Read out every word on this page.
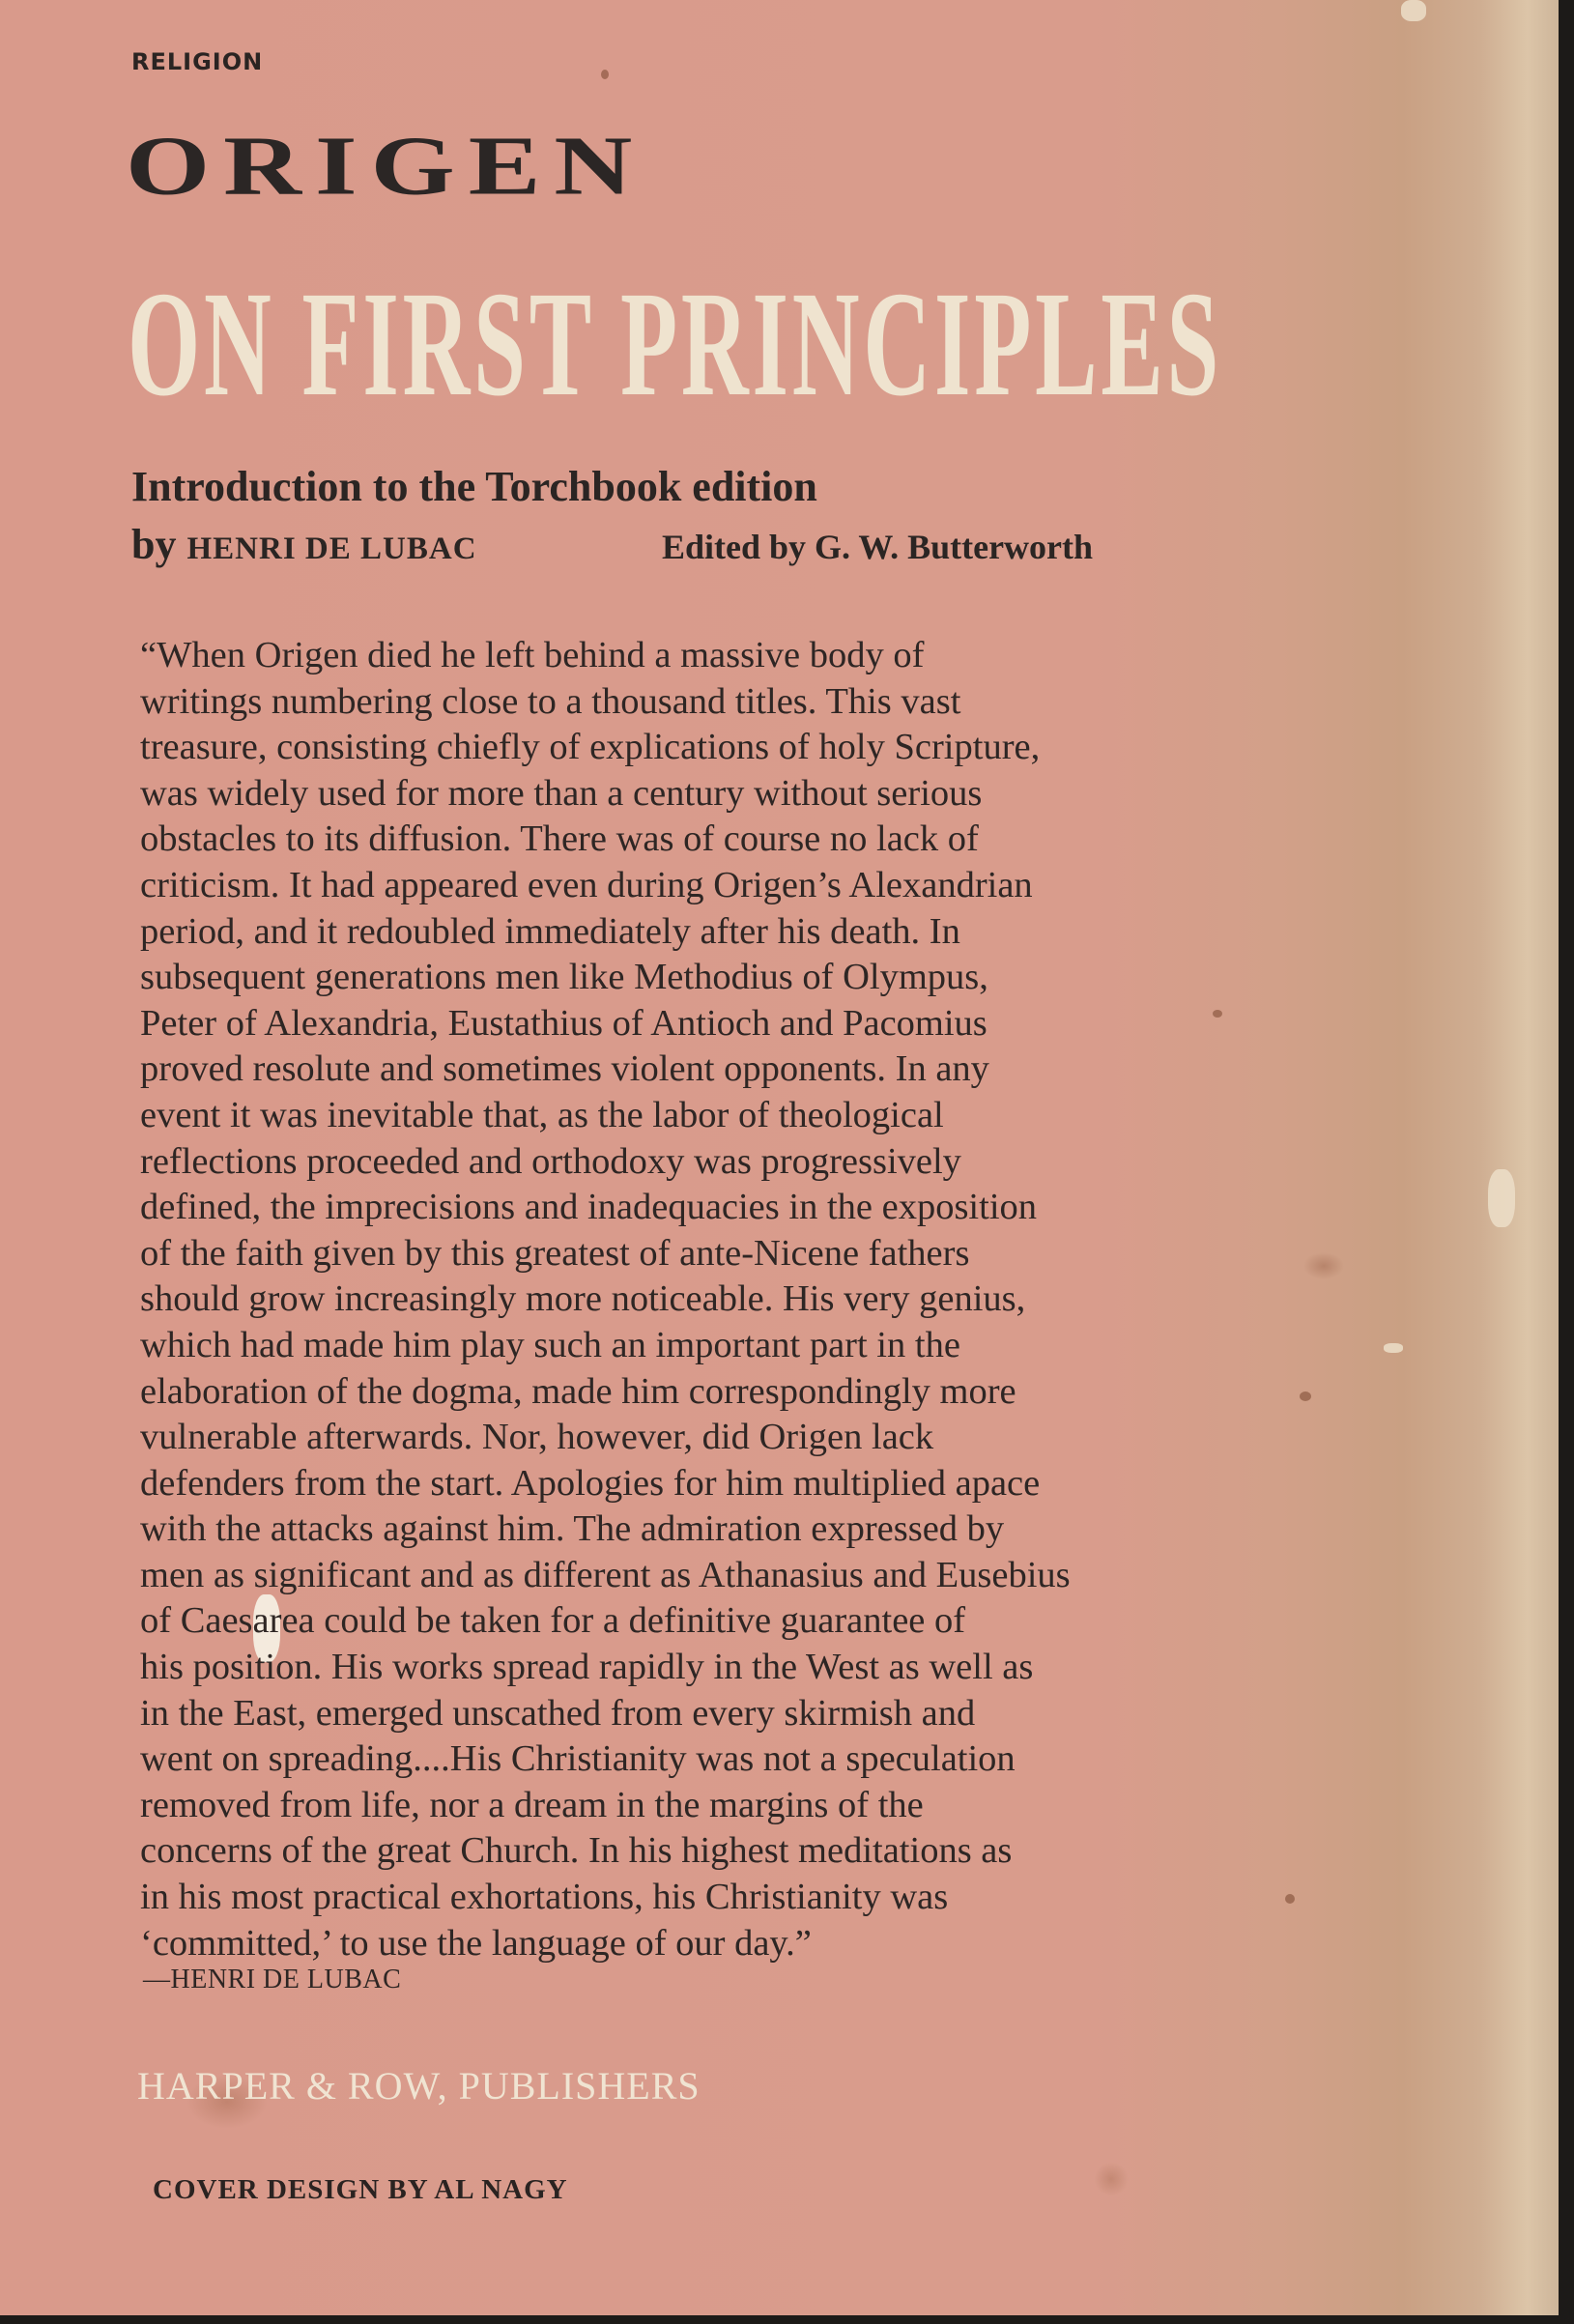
RELIGION

ORIGEN
ON FIRST PRINCIPLES

Introduction to the Torchbook edition

by HENRI DE LUBAC	Edited by G. W. Butterworth

“When Origen died he left behind a massive body of
writings numbering close to a thousand titles. This vast
treasure, consisting chiefly of explications of holy Scripture,
was widely used for more than a century without serious
obstacles to its diffusion. There was of course no lack of
criticism. It had appeared even during Origen’s Alexandrian
period, and it redoubled immediately after his death. In
subsequent generations men like Methodius of Olympus,
Peter of Alexandria, Eustathius of Antioch and Pacomius
proved resolute and sometimes violent opponents. In any
event it was inevitable that, as the labor of theological
reflections proceeded and orthodoxy was progressively
defined, the imprecisions and inadequacies in the exposition
of the faith given by this greatest of ante-Nicene fathers
should grow increasingly more noticeable. His very genius,
which had made him play such an important part in the
elaboration of the dogma, made him correspondingly more
vulnerable afterwards. Nor, however, did Origen lack
defenders from the start. Apologies for him multiplied apace
with the attacks against him. The admiration expressed by
men as significant and as different as Athanasius and Eusebius
of Caesarea could be taken for a definitive guarantee of
his position. His works spread rapidly in the West as well as
in the East, emerged unscathed from every skirmish and
went on spreading....His Christianity was not a speculation
removed from life, nor a dream in the margins of the
concerns of the great Church. In his highest meditations as
in his most practical exhortations, his Christianity was
‘committed,’ to use the language of our day.”

—HENRI DE LUBAC

HARPER & ROW, PUBLISHERS

COVER DESIGN BY AL NAGY
